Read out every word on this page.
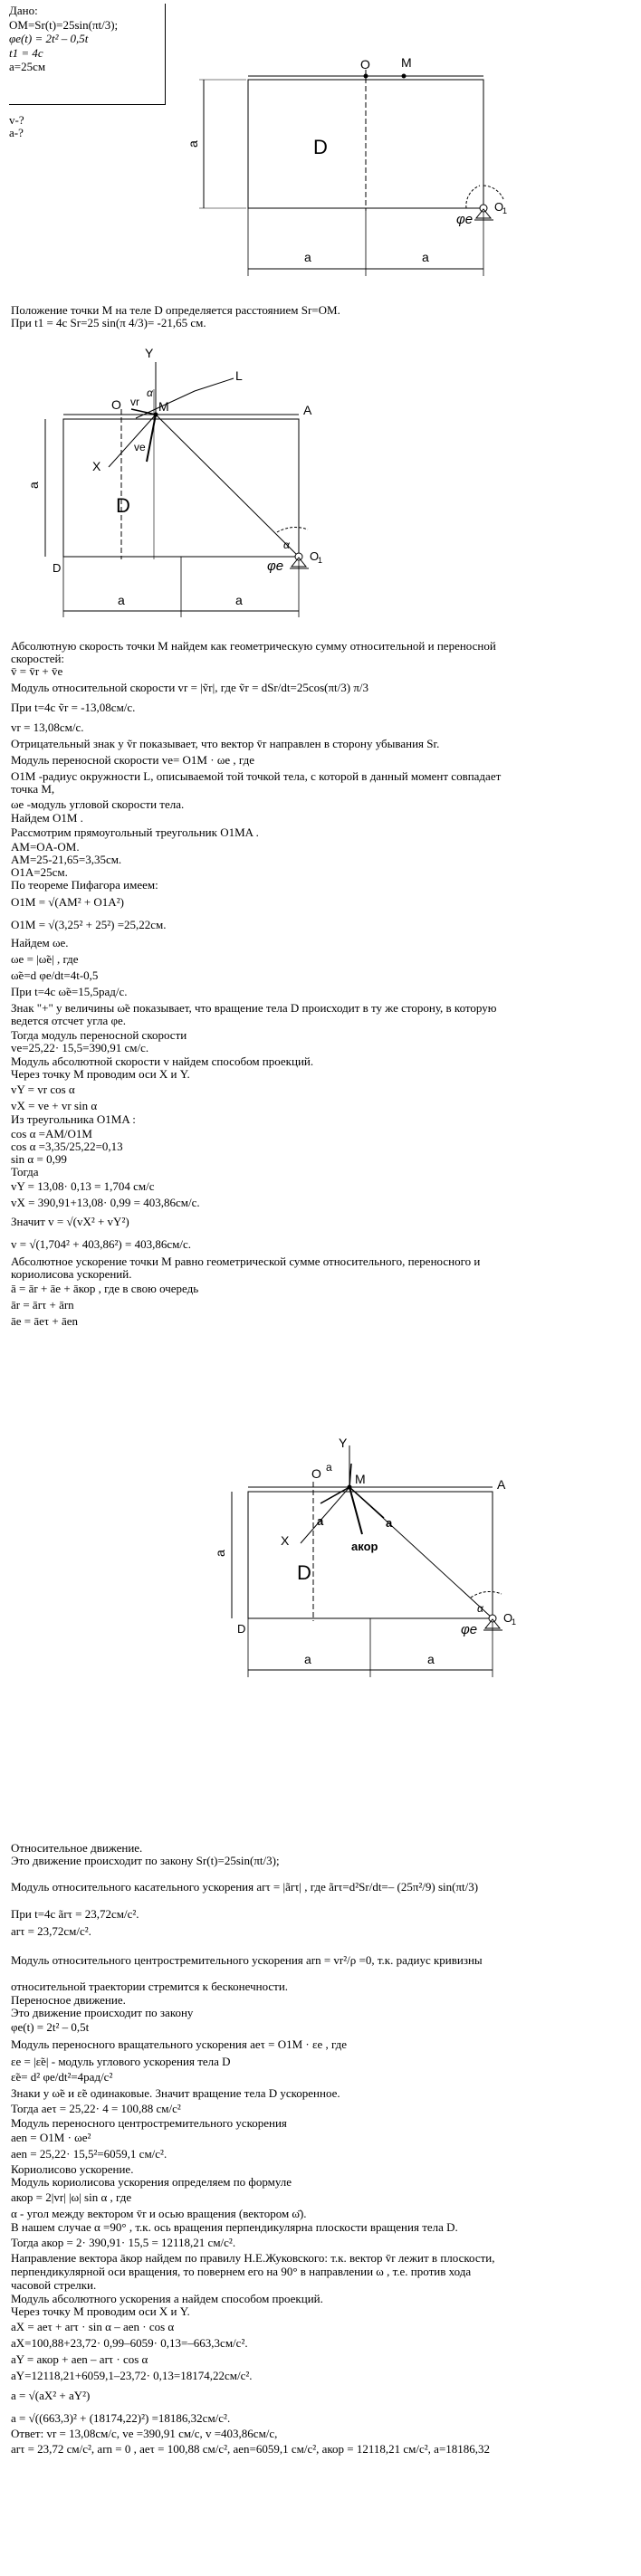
Дано:
OM=Sr(t)=25sin(πt/3);
φe(t) = 2t² – 0,5t
t1 = 4c
a=25см
v-?
a-?
O M
D
a
a	a
φe
O
1
Y
L
O vr M	A
α
X
ve
D
D
a
a	a
α
φe
O
1
Y
O a
M	A
X
a	a
aкор
D
D
a
a	a
α
φe
O
1
Положение точки M на теле D определяется расстоянием Sr=OM.
При t1 = 4c Sr=25 sin(π 4/3)= -21,65 см.
Абсолютную скорость точки M найдем как геометрическую сумму относительной и переносной
скоростей:
v̄ = v̄r + v̄e
Модуль относительной скорости vr = |ṽr|, где ṽr = dSr/dt=25cos(πt/3) π/3
При t=4c ṽr = -13,08см/с.
vr = 13,08см/с.
Отрицательный знак у ṽr показывает, что вектор v̄r направлен в сторону убывания Sr.
Модуль переносной скорости ve= O1M · ωe , где
O1M -радиус окружности L, описываемой той точкой тела, с которой в данный момент совпадает
точка M,
ωe -модуль угловой скорости тела.
Найдем O1M .
Рассмотрим прямоугольный треугольник O1MA .
AM=OA-OM.
AM=25-21,65=3,35см.
O1A=25см.
По теореме Пифагора имеем:
O1M = √(AM² + O1A²)
O1M = √(3,25² + 25²) =25,22см.
Найдем ωe.
ωe = |ω̃e| , где
ω̃e=d φe/dt=4t-0,5
При t=4c ω̃e=15,5рад/с.
Знак "+" у величины ω̃e показывает, что вращение тела D происходит в ту же сторону, в которую
ведется отсчет угла φe.
Тогда модуль переносной скорости
ve=25,22· 15,5=390,91 см/с.
Модуль абсолютной скорости v найдем способом проекций.
Через точку M проводим оси X и Y.
vY = vr cos α
vX = ve + vr sin α
Из треугольника O1MA :
cos α =AM/O1M
cos α =3,35/25,22=0,13
sin α = 0,99
Тогда
vY = 13,08· 0,13 = 1,704 см/с
vX = 390,91+13,08· 0,99 = 403,86см/с.
Значит v = √(vX² + vY²)
v = √(1,704² + 403,86²) = 403,86см/с.
Абсолютное ускорение точки M равно геометрической сумме относительного, переносного и
кориолисова ускорений.
ā = ār + āe + āкор , где в свою очередь
ār = ārτ + ārn
āe = āeτ + āen
Относительное движение.
Это движение происходит по закону Sr(t)=25sin(πt/3);
Модуль относительного касательного ускорения arτ = |ãrτ| , где ãrτ=d²Sr/dt=– (25π²/9) sin(πt/3)
При t=4c ãrτ = 23,72см/с².
arτ = 23,72см/с².
Модуль относительного центростремительного ускорения arn = vr²/ρ =0, т.к. радиус кривизны
относительной траектории стремится к бесконечности.
Переносное движение.
Это движение происходит по закону
φe(t) = 2t² – 0,5t
Модуль переносного вращательного ускорения aeτ = O1M · εe , где
εe = |ε̃e| - модуль углового ускорения тела D
ε̃e= d² φe/dt²=4рад/с²
Знаки у ω̃e и ε̃e одинаковые. Значит вращение тела D ускоренное.
Тогда aeτ = 25,22· 4 = 100,88 см/с²
Модуль переносного центростремительного ускорения
aen = O1M · ωe²
aen = 25,22· 15,5²=6059,1 см/с².
Кориолисово ускорение.
Модуль кориолисова ускорения определяем по формуле
aкор = 2|vr| |ω| sin α , где
α - угол между вектором v̄r и осью вращения (вектором ω̄).
В нашем случае α =90° , т.к. ось вращения перпендикулярна плоскости вращения тела D.
Тогда aкор = 2· 390,91· 15,5 = 12118,21 см/с².
Направление вектора āкор найдем по правилу Н.Е.Жуковского: т.к. вектор v̄r лежит в плоскости,
перпендикулярной оси вращения, то повернем его на 90° в направлении ω , т.е. против хода
часовой стрелки.
Модуль абсолютного ускорения a найдем способом проекций.
Через точку M проводим оси X и Y.
aX = aeτ + arτ · sin α – aen · cos α
aX=100,88+23,72· 0,99–6059· 0,13=–663,3см/с².
aY = aкор + aen – arτ · cos α
aY=12118,21+6059,1–23,72· 0,13=18174,22см/с².
a = √(aX² + aY²)
a = √((663,3)² + (18174,22)²) =18186,32см/с².
Ответ: vr = 13,08см/с, ve =390,91 см/с, v =403,86см/с,
arτ = 23,72 см/с², arn = 0 , aeτ = 100,88 см/с², aen=6059,1 см/с², aкор = 12118,21 см/с², a=18186,32
